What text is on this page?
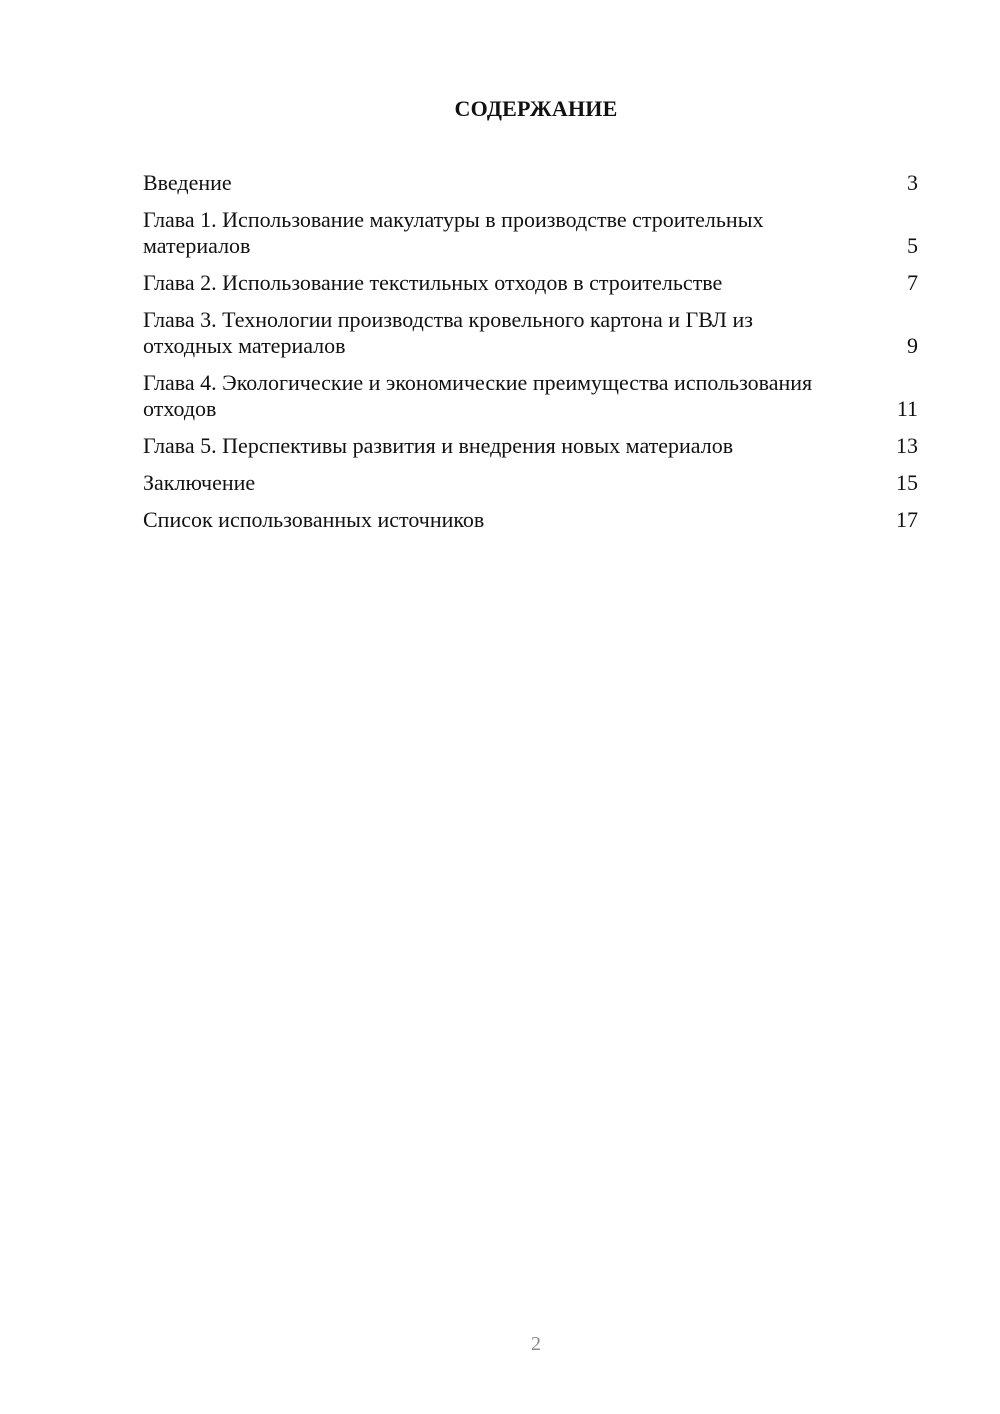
СОДЕРЖАНИЕ
Введение	3
Глава 1. Использование макулатуры в производстве строительных материалов	5
Глава 2. Использование текстильных отходов в строительстве	7
Глава 3. Технологии производства кровельного картона и ГВЛ из отходных материалов	9
Глава 4. Экологические и экономические преимущества использования отходов	11
Глава 5. Перспективы развития и внедрения новых материалов	13
Заключение	15
Список использованных источников	17
2
